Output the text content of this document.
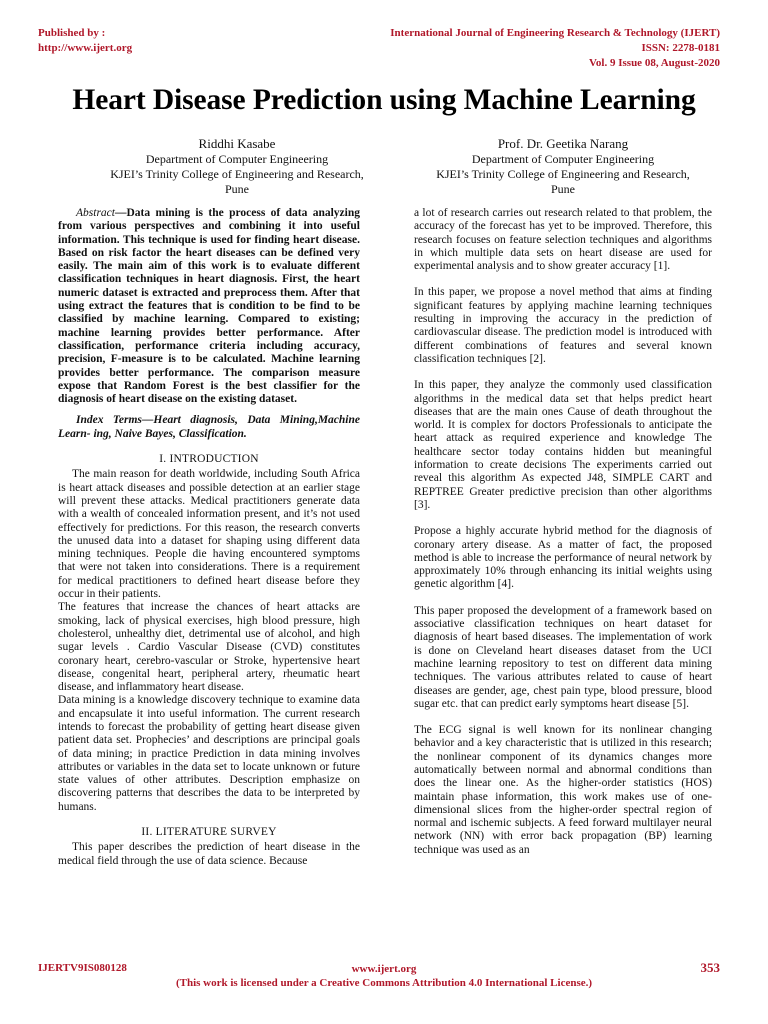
Published by :
http://www.ijert.org
International Journal of Engineering Research & Technology (IJERT)
ISSN: 2278-0181
Vol. 9 Issue 08, August-2020
Heart Disease Prediction using Machine Learning
Riddhi Kasabe
Department of Computer Engineering
KJEI’s Trinity College of Engineering and Research,
Pune
Prof. Dr. Geetika Narang
Department of Computer Engineering
KJEI’s Trinity College of Engineering and Research,
Pune

Abstract—Data mining is the process of data analyzing from various perspectives and combining it into useful information. This technique is used for finding heart disease. Based on risk factor the heart diseases can be defined very easily. The main aim of this work is to evaluate different classification techniques in heart diagnosis. First, the heart numeric dataset is extracted and preprocess them. After that using extract the features that is condition to be find to be classified by machine learning. Compared to existing; machine learning provides better performance. After classification, performance criteria including accuracy, precision, F-measure is to be calculated. Machine learning provides better performance. The comparison measure expose that Random Forest is the best classifier for the diagnosis of heart disease on the existing dataset.

Index Terms—Heart diagnosis, Data Mining,Machine Learn- ing, Naive Bayes, Classification.

I. INTRODUCTION

The main reason for death worldwide, including South Africa is heart attack diseases and possible detection at an earlier stage will prevent these attacks. Medical practitioners generate data with a wealth of concealed information present, and it’s not used effectively for predictions. For this reason, the research converts the unused data into a dataset for shaping using different data mining techniques. People die having encountered symptoms that were not taken into considerations. There is a requirement for medical practitioners to defined heart disease before they occur in their patients.

The features that increase the chances of heart attacks are smoking, lack of physical exercises, high blood pressure, high cholesterol, unhealthy diet, detrimental use of alcohol, and high sugar levels . Cardio Vascular Disease (CVD) constitutes coronary heart, cerebro-vascular or Stroke, hypertensive heart disease, congenital heart, peripheral artery, rheumatic heart disease, and inflammatory heart disease.

Data mining is a knowledge discovery technique to examine data and encapsulate it into useful information. The current research intends to forecast the probability of getting heart disease given patient data set. Prophecies’ and descriptions are principal goals of data mining; in practice Prediction in data mining involves attributes or variables in the data set to locate unknown or future state values of other attributes. Description emphasize on discovering patterns that describes the data to be interpreted by humans.

II. LITERATURE SURVEY

This paper describes the prediction of heart disease in the medical field through the use of data science. Because

a lot of research carries out research related to that problem, the accuracy of the forecast has yet to be improved. Therefore, this research focuses on feature selection techniques and algorithms in which multiple data sets on heart disease are used for experimental analysis and to show greater accuracy [1].

In this paper, we propose a novel method that aims at finding significant features by applying machine learning techniques resulting in improving the accuracy in the prediction of cardiovascular disease. The prediction model is introduced with different combinations of features and several known classification techniques [2].

In this paper, they analyze the commonly used classification algorithms in the medical data set that helps predict heart diseases that are the main ones Cause of death throughout the world. It is complex for doctors Professionals to anticipate the heart attack as required experience and knowledge The healthcare sector today contains hidden but meaningful information to create decisions The experiments carried out reveal this algorithm As expected J48, SIMPLE CART and REPTREE Greater predictive precision than other algorithms [3].

Propose a highly accurate hybrid method for the diagnosis of coronary artery disease. As a matter of fact, the proposed method is able to increase the performance of neural network by approximately 10% through enhancing its initial weights using genetic algorithm [4].

This paper proposed the development of a framework based on associative classification techniques on heart dataset for diagnosis of heart based diseases. The implementation of work is done on Cleveland heart diseases dataset from the UCI machine learning repository to test on different data mining techniques. The various attributes related to cause of heart diseases are gender, age, chest pain type, blood pressure, blood sugar etc. that can predict early symptoms heart disease [5].

The ECG signal is well known for its nonlinear changing behavior and a key characteristic that is utilized in this research; the nonlinear component of its dynamics changes more automatically between normal and abnormal conditions than does the linear one. As the higher-order statistics (HOS) maintain phase information, this work makes use of one-dimensional slices from the higher-order spectral region of normal and ischemic subjects. A feed forward multilayer neural network (NN) with error back propagation (BP) learning technique was used as an

IJERTV9IS080128	www.ijert.org
(This work is licensed under a Creative Commons Attribution 4.0 International License.)
353
